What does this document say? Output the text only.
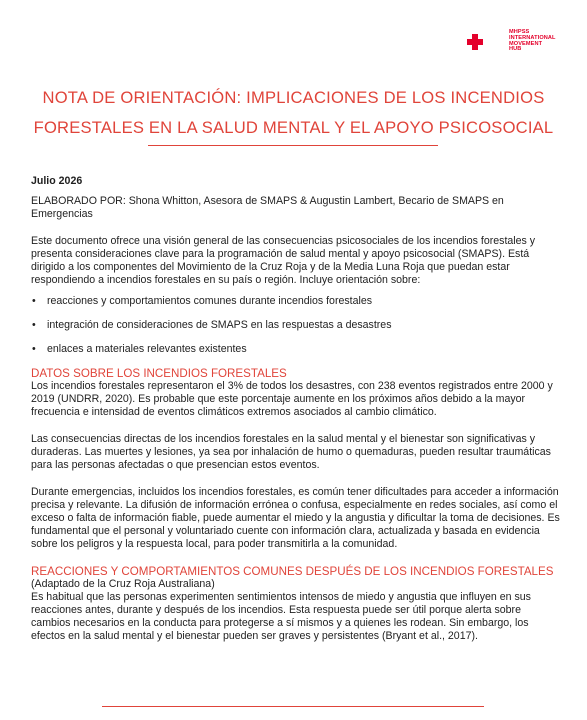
MHPSS
INTERNATIONAL
MOVEMENT
HUB
NOTA DE ORIENTACIÓN: IMPLICACIONES DE LOS INCENDIOS
FORESTALES EN LA SALUD MENTAL Y EL APOYO PSICOSOCIAL
Julio 2026
ELABORADO POR: Shona Whitton, Asesora de SMAPS & Augustin Lambert, Becario de SMAPS en Emergencias
Este documento ofrece una visión general de las consecuencias psicosociales de los incendios forestales y presenta consideraciones clave para la programación de salud mental y apoyo psicosocial (SMAPS). Está dirigido a los componentes del Movimiento de la Cruz Roja y de la Media Luna Roja que puedan estar respondiendo a incendios forestales en su país o región. Incluye orientación sobre:
• reacciones y comportamientos comunes durante incendios forestales
• integración de consideraciones de SMAPS en las respuestas a desastres
• enlaces a materiales relevantes existentes
DATOS SOBRE LOS INCENDIOS FORESTALES

Los incendios forestales representaron el 3% de todos los desastres, con 238 eventos registrados entre 2000 y 2019 (UNDRR, 2020). Es probable que este porcentaje aumente en los próximos años debido a la mayor frecuencia e intensidad de eventos climáticos extremos asociados al cambio climático.

Las consecuencias directas de los incendios forestales en la salud mental y el bienestar son significativas y duraderas. Las muertes y lesiones, ya sea por inhalación de humo o quemaduras, pueden resultar traumáticas para las personas afectadas o que presencian estos eventos.

Durante emergencias, incluidos los incendios forestales, es común tener dificultades para acceder a información precisa y relevante. La difusión de información errónea o confusa, especialmente en redes sociales, así como el exceso o falta de información fiable, puede aumentar el miedo y la angustia y dificultar la toma de decisiones. Es fundamental que el personal y voluntariado cuente con información clara, actualizada y basada en evidencia sobre los peligros y la respuesta local, para poder transmitirla a la comunidad.

REACCIONES Y COMPORTAMIENTOS COMUNES DESPUÉS DE LOS INCENDIOS FORESTALES
(Adaptado de la Cruz Roja Australiana)

Es habitual que las personas experimenten sentimientos intensos de miedo y angustia que influyen en sus reacciones antes, durante y después de los incendios. Esta respuesta puede ser útil porque alerta sobre cambios necesarios en la conducta para protegerse a sí mismos y a quienes les rodean. Sin embargo, los efectos en la salud mental y el bienestar pueden ser graves y persistentes (Bryant et al., 2017).
